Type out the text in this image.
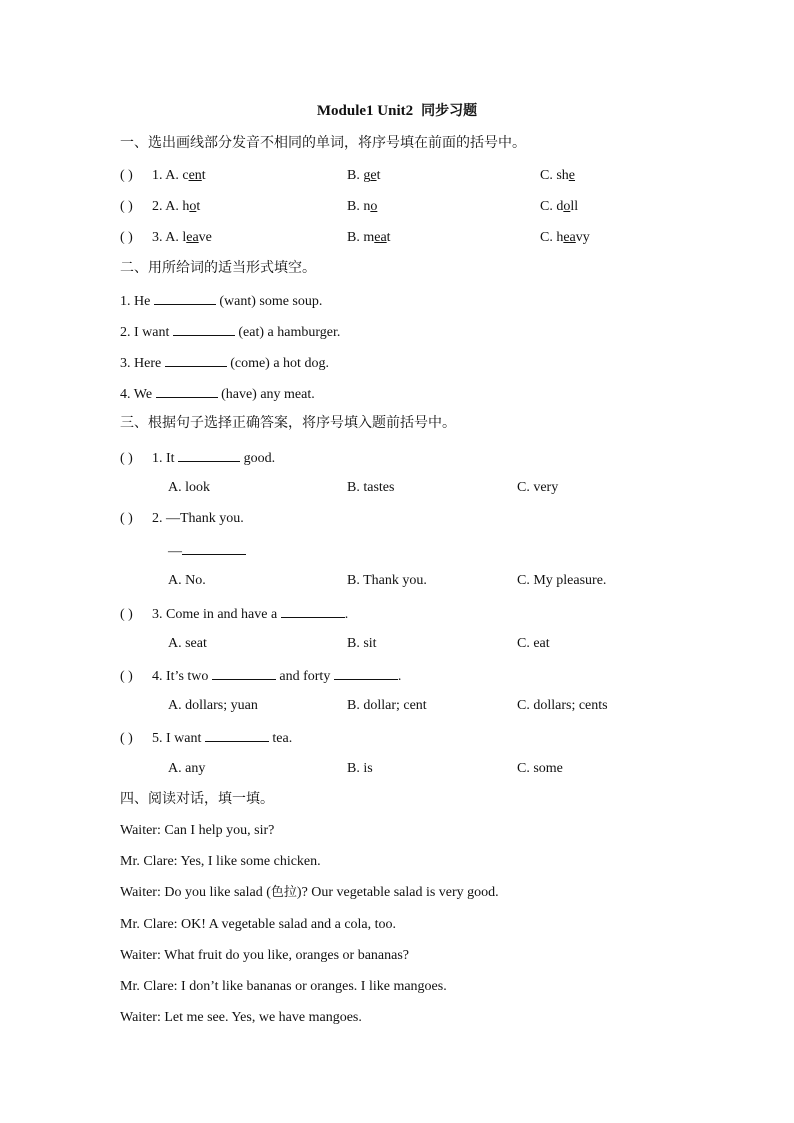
Module1 Unit2 同步习题
一、选出画线部分发音不相同的单词，将序号填在前面的括号中。
( ) 1. A. cent	B. get	C. she
( ) 2. A. hot	B. no	C. doll
( ) 3. A. leave	B. meat	C. heavy
二、用所给词的适当形式填空。
1. He	(want) some soup.
2. I want	(eat) a hamburger.
3. Here	(come) a hot dog.
4. We	(have) any meat.
三、根据句子选择正确答案，将序号填入题前括号中。
( ) 1. It	good.
A. look	B. tastes	C. very
( ) 2. —Thank you.
—
A. No.	B. Thank you.	C. My pleasure.
( ) 3. Come in and have a	.
A. seat	B. sit	C. eat
( ) 4. It’s two	and forty	.
A. dollars; yuan	B. dollar; cent	C. dollars; cents
( ) 5. I want	tea.
A. any	B. is	C. some
四、阅读对话，填一填。
Waiter: Can I help you, sir?
Mr. Clare: Yes, I like some chicken.
Waiter: Do you like salad (色拉)? Our vegetable salad is very good.
Mr. Clare: OK! A vegetable salad and a cola, too.
Waiter: What fruit do you like, oranges or bananas?
Mr. Clare: I don’t like bananas or oranges. I like mangoes.
Waiter: Let me see. Yes, we have mangoes.
